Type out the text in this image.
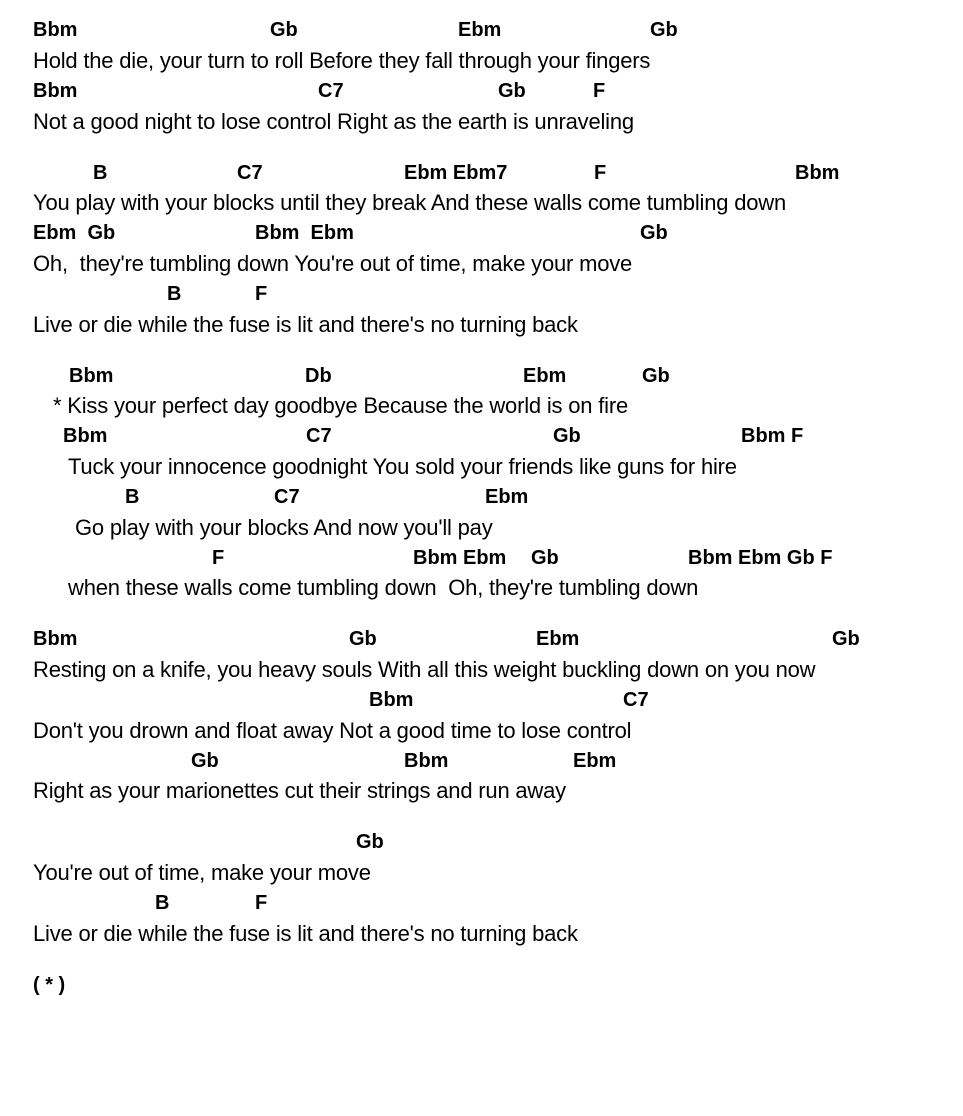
Bbm	Gb	Ebm	Gb
Hold the die, your turn to roll Before they fall through your fingers
Bbm	C7	Gb	F
Not a good night to lose control Right as the earth is unraveling
B	C7	Ebm Ebm7	F	Bbm
You play with your blocks until they break And these walls come tumbling down
Ebm  Gb	Bbm  Ebm	Gb
Oh,  they're tumbling down You're out of time, make your move
B	F
Live or die while the fuse is lit and there's no turning back
Bbm	Db	Ebm	Gb
* Kiss your perfect day goodbye Because the world is on fire
Bbm	C7	Gb	Bbm F
Tuck your innocence goodnight You sold your friends like guns for hire
B	C7	Ebm
Go play with your blocks And now you'll pay
F	Bbm Ebm Gb	Bbm Ebm Gb F
when these walls come tumbling down  Oh, they're tumbling down
Bbm	Gb	Ebm	Gb
Resting on a knife, you heavy souls With all this weight buckling down on you now
Bbm	C7
Don't you drown and float away Not a good time to lose control
Gb	Bbm	Ebm
Right as your marionettes cut their strings and run away
Gb
You're out of time, make your move
B	F
Live or die while the fuse is lit and there's no turning back
( * )
